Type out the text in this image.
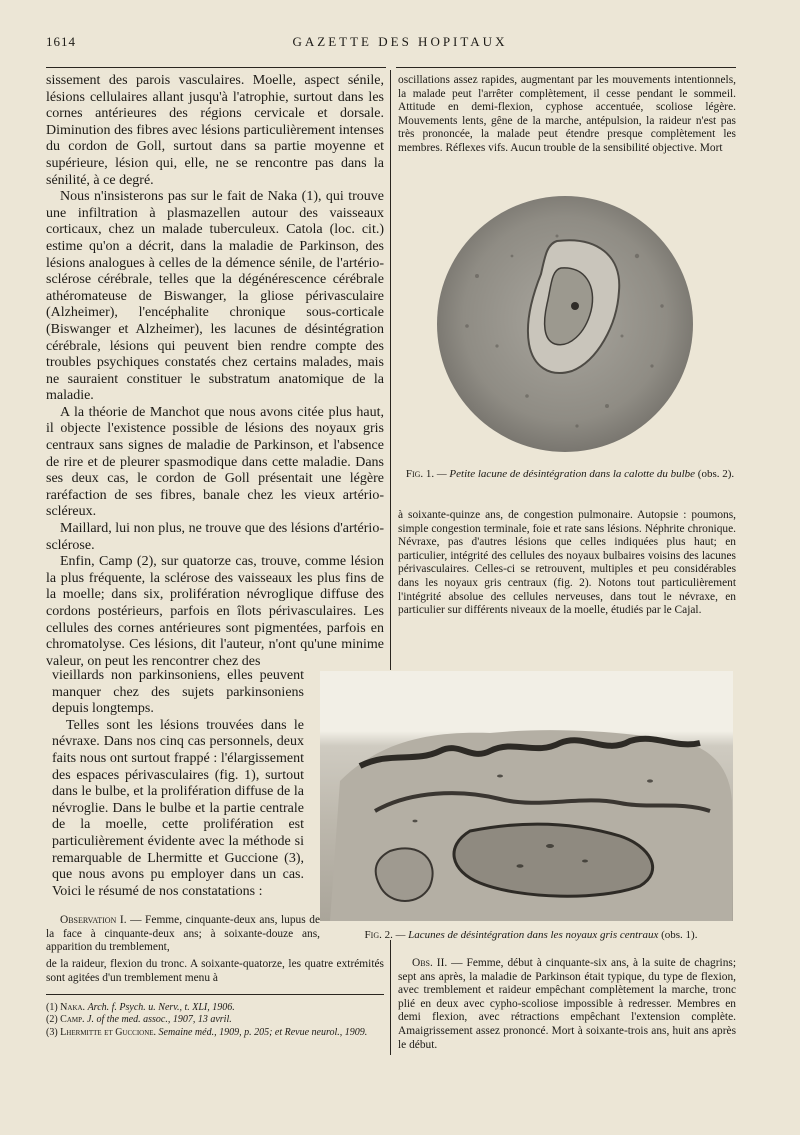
1614	GAZETTE DES HOPITAUX

sissement des parois vasculaires. Moelle, aspect sénile, lésions cellulaires allant jusqu'à l'atrophie, surtout dans les cornes antérieures des régions cervicale et dorsale. Diminution des fibres avec lésions particulièrement intenses du cordon de Goll, surtout dans sa partie moyenne et supérieure, lésion qui, elle, ne se rencontre pas dans la sénilité, à ce degré.

Nous n'insisterons pas sur le fait de Naka (1), qui trouve une infiltration à plasmazellen autour des vaisseaux corticaux, chez un malade tuberculeux. Catola (loc. cit.) estime qu'on a décrit, dans la maladie de Parkinson, des lésions analogues à celles de la démence sénile, de l'artério-sclérose cérébrale, telles que la dégénérescence cérébrale athéromateuse de Biswanger, la gliose périvasculaire (Alzheimer), l'encéphalite chronique sous-corticale (Biswanger et Alzheimer), les lacunes de désintégration cérébrale, lésions qui peuvent bien rendre compte des troubles psychiques constatés chez certains malades, mais ne sauraient constituer le substratum anatomique de la maladie.

A la théorie de Manchot que nous avons citée plus haut, il objecte l'existence possible de lésions des noyaux gris centraux sans signes de maladie de Parkinson, et l'absence de rire et de pleurer spasmodique dans cette maladie. Dans ses deux cas, le cordon de Goll présentait une légère raréfaction de ses fibres, banale chez les vieux artério-scléreux.

Maillard, lui non plus, ne trouve que des lésions d'artério-sclérose.

Enfin, Camp (2), sur quatorze cas, trouve, comme lésion la plus fréquente, la sclérose des vaisseaux les plus fins de la moelle; dans six, prolifération névroglique diffuse des cordons postérieurs, parfois en îlots périvasculaires. Les cellules des cornes antérieures sont pigmentées, parfois en chromatolyse. Ces lésions, dit l'auteur, n'ont qu'une minime valeur, on peut les rencontrer chez des

vieillards non parkinsoniens, elles peuvent manquer chez des sujets parkinsoniens depuis longtemps.

Telles sont les lésions trouvées dans le névraxe. Dans nos cinq cas personnels, deux faits nous ont surtout frappé : l'élargissement des espaces périvasculaires (fig. 1), surtout dans le bulbe, et la prolifération diffuse de la névroglie. Dans le bulbe et la partie centrale de la moelle, cette prolifération est particulièrement évidente avec la méthode si remarquable de Lhermitte et Guccione (3), que nous avons pu employer dans un cas. Voici le résumé de nos constatations :

Observation I. — Femme, cinquante-deux ans, lupus de la face à cinquante-deux ans; à soixante-douze ans, apparition du tremblement,

de la raideur, flexion du tronc. A soixante-quatorze, les quatre extrémités sont agitées d'un tremblement menu à

(1) Naka. Arch. f. Psych. u. Nerv., t. XLI, 1906.

(2) Camp. J. of the med. assoc., 1907, 13 avril.

(3) Lhermitte et Guccione. Semaine méd., 1909, p. 205; et Revue neurol., 1909.

oscillations assez rapides, augmentant par les mouvements intentionnels, la malade peut l'arrêter complètement, il cesse pendant le sommeil. Attitude en demi-flexion, cyphose accentuée, scoliose légère. Mouvements lents, gêne de la marche, antépulsion, la raideur n'est pas très prononcée, la malade peut étendre presque complètement les membres. Réflexes vifs. Aucun trouble de la sensibilité objective. Mort

Fig. 1. — Petite lacune de désintégration dans la calotte du bulbe (obs. 2).

à soixante-quinze ans, de congestion pulmonaire. Autopsie : poumons, simple congestion terminale, foie et rate sans lésions. Néphrite chronique. Névraxe, pas d'autres lésions que celles indiquées plus haut; en particulier, intégrité des cellules des noyaux bulbaires voisins des lacunes périvasculaires. Celles-ci se retrouvent, multiples et peu considérables dans les noyaux gris centraux (fig. 2). Notons tout particulièrement l'intégrité absolue des cellules nerveuses, dans tout le névraxe, en particulier sur différents niveaux de la moelle, étudiés par le Cajal.

Fig. 2. — Lacunes de désintégration dans les noyaux gris centraux (obs. 1).

Obs. II. — Femme, début à cinquante-six ans, à la suite de chagrins; sept ans après, la maladie de Parkinson était typique, du type de flexion, avec tremblement et raideur empêchant complètement la marche, tronc plié en deux avec cypho-scoliose impossible à redresser. Membres en demi flexion, avec rétractions empêchant l'extension complète. Amaigrissement assez prononcé. Mort à soixante-trois ans, huit ans après le début.
